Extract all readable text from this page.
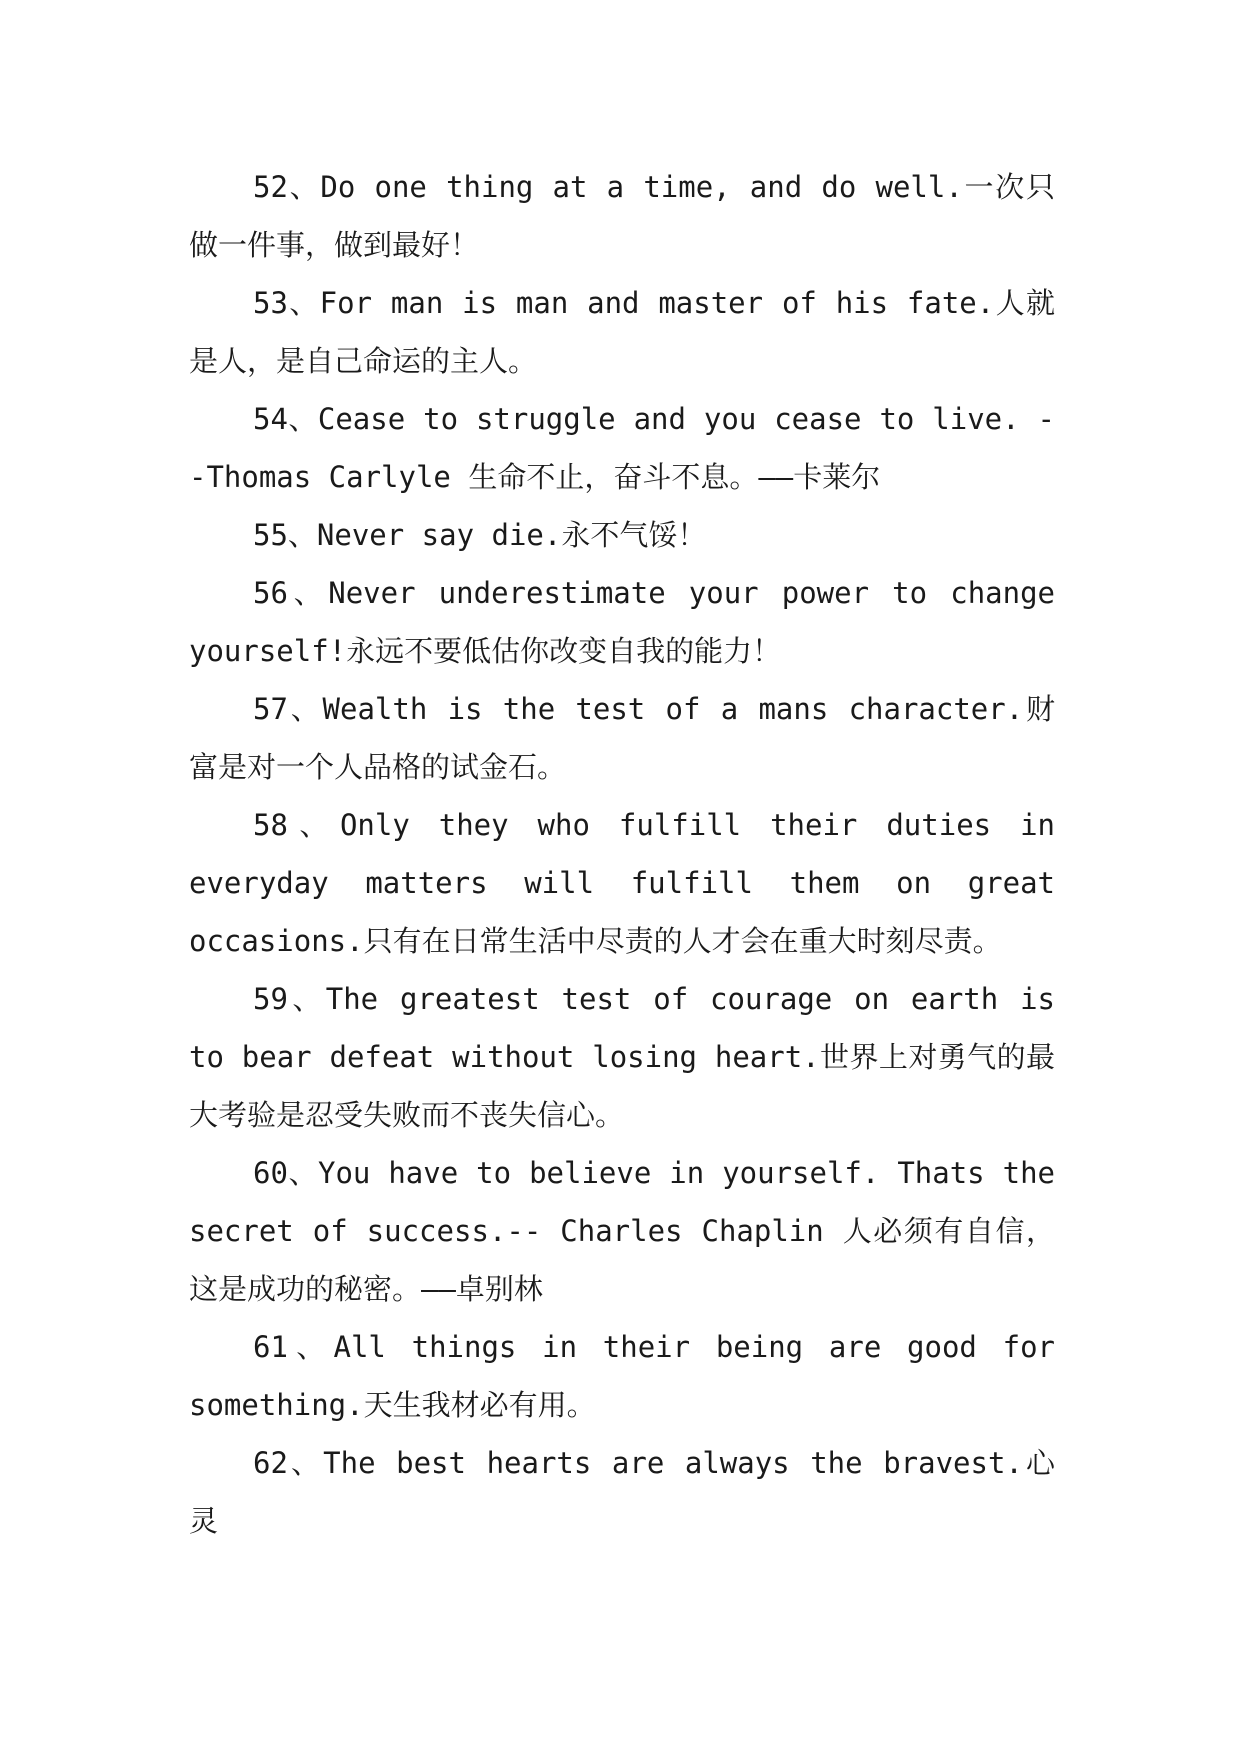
52、Do one thing at a time, and do well.一次只做一件事，做到最好！

53、For man is man and master of his fate.人就是人，是自己命运的主人。

54、Cease to struggle and you cease to live. --Thomas Carlyle 生命不止，奋斗不息。——卡莱尔

55、Never say die.永不气馁！

56、Never underestimate your power to change yourself!永远不要低估你改变自我的能力！

57、Wealth is the test of a mans character.财富是对一个人品格的试金石。

58、Only they who fulfill their duties in everyday matters will fulfill them on great occasions.只有在日常生活中尽责的人才会在重大时刻尽责。

59、The greatest test of courage on earth is to bear defeat without losing heart.世界上对勇气的最大考验是忍受失败而不丧失信心。

60、You have to believe in yourself. Thats the secret of success.-- Charles Chaplin 人必须有自信，这是成功的秘密。——卓别林

61、All things in their being are good for something.天生我材必有用。

62、The best hearts are always the bravest.心灵
